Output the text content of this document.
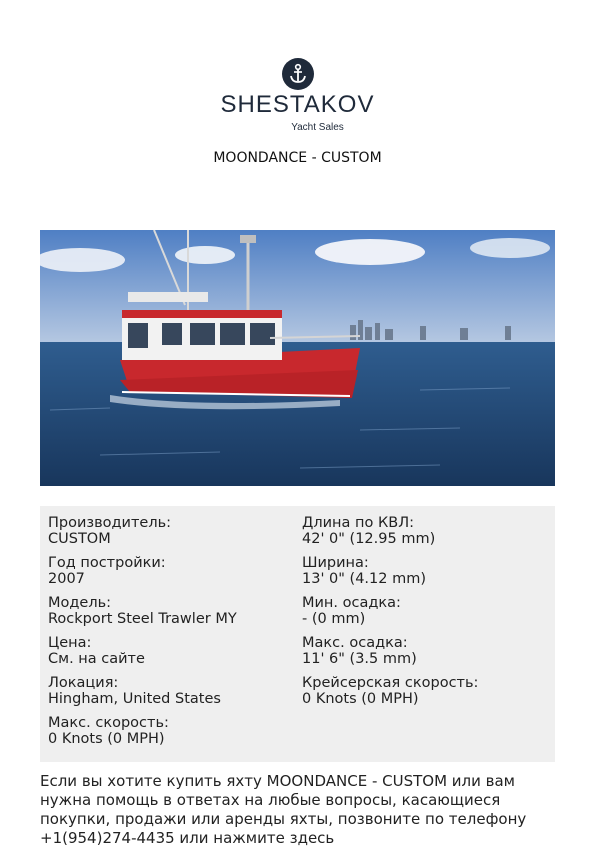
SHESTAKOV
Yacht Sales
MOONDANCE - CUSTOM
Производитель:
CUSTOM
Год постройки:
2007
Модель:
Rockport Steel Trawler MY
Цена:
См. на сайте
Локация:
Hingham, United States
Макс. скорость:
0 Knots (0 MPH)
Длина по КВЛ:
42' 0" (12.95 mm)
Ширина:
13' 0" (4.12 mm)
Мин. осадка:
- (0 mm)
Макс. осадка:
11' 6" (3.5 mm)
Крейсерская скорость:
0 Knots (0 MPH)
Если вы хотите купить яхту MOONDANCE - CUSTOM или вам нужна помощь в ответах на любые вопросы, касающиеся покупки, продажи или аренды яхты, позвоните по телефону +1(954)274-4435 или нажмите здесь
